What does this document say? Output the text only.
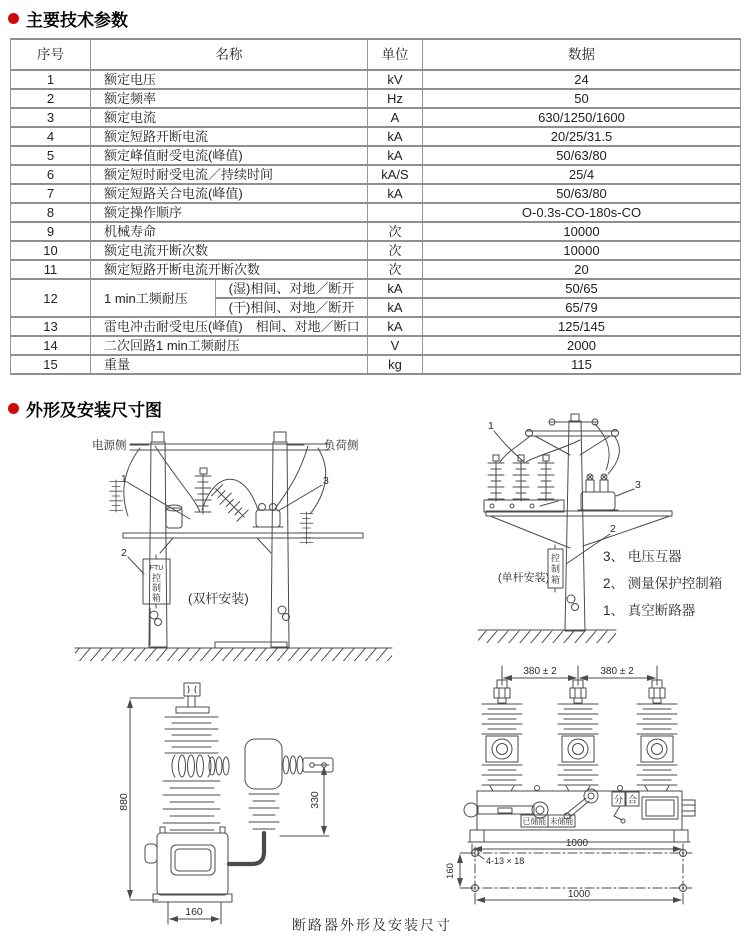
主要技术参数
序号	名称		单位	数据
1	额定电压		kV	24
2	额定频率		Hz	50
3	额定电流		A	630/1250/1600
4	额定短路开断电流		kA	20/25/31.5
5	额定峰值耐受电流(峰值)		kA	50/63/80
6	额定短时耐受电流／持续时间		kA/S	25/4
7	额定短路关合电流(峰值)		kA	50/63/80
8	额定操作顺序			O-0.3s-CO-180s-CO
9	机械寿命		次	10000
10	额定电流开断次数		次	10000
11	额定短路开断电流开断次数		次	20
12	1 min工频耐压	(湿)相间、对地／断开	kA	50/65
		(干)相间、对地／断开	kA	65/79
13	雷电冲击耐受电压(峰值)　相间、对地／断口		kA	125/145
14	二次回路1 min工频耐压		V	2000
15	重量		kg	115
外形及安装尺寸图
电源侧	负荷侧
1	3
2
FTU
控
制
箱 (双杆安装)
1
2
3
控
制
箱
(单杆安装)
3、 电压互器
2、 测量保护控制箱
1、 真空断路器
880	330
160
380 ± 2	380 ± 2
分 合
已储能 未储能
1000
160
4-13 × 18
1000
断路器外形及安装尺寸
